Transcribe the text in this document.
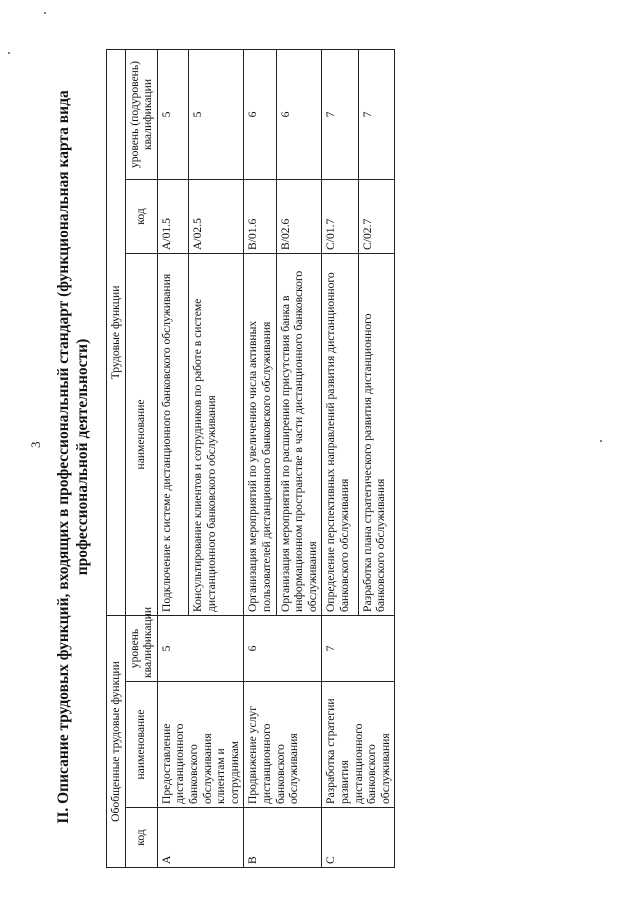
3 II. Описание трудовых функций, входящих в профессиональный стандарт (функциональная карта вида профессиональной деятельности)
Обобщенные трудовые функции			Трудовые функции		
код	наименование	уровень квалификации	наименование	код	уровень (подуровень) квалификации
А	Предоставление дистанционного банковского обслуживания клиентам и сотрудникам	5	Подключение к системе дистанционного банковского обслуживания	A/01.5	5
			Консультирование клиентов и сотрудников по работе в системе дистанционного банковского обслуживания	A/02.5	5
В	Продвижение услуг дистанционного банковского обслуживания	6	Организация мероприятий по увеличению числа активных пользователей дистанционного банковского обслуживания	B/01.6	6
			Организация мероприятий по расширению присутствия банка в информационном пространстве в части дистанционного банковского обслуживания	B/02.6	6
С	Разработка стратегии развития дистанционного банковского обслуживания	7	Определение перспективных направлений развития дистанционного банковского обслуживания	C/01.7	7
			Разработка плана стратегического развития дистанционного банковского обслуживания	C/02.7	7
